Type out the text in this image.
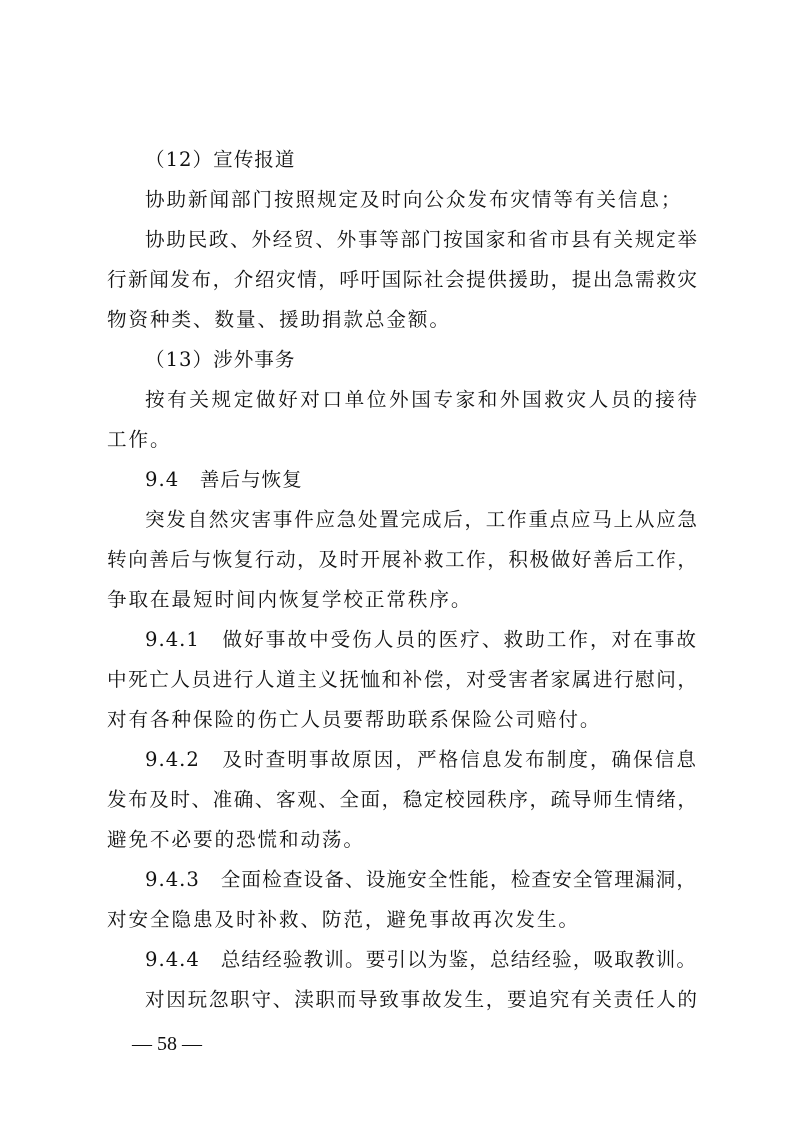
（12）宣传报道
协助新闻部门按照规定及时向公众发布灾情等有关信息；
协助民政、外经贸、外事等部门按国家和省市县有关规定举
行新闻发布，介绍灾情，呼吁国际社会提供援助，提出急需救灾
物资种类、数量、援助捐款总金额。
（13）涉外事务
按有关规定做好对口单位外国专家和外国救灾人员的接待
工作。
9.4　善后与恢复
突发自然灾害事件应急处置完成后，工作重点应马上从应急
转向善后与恢复行动，及时开展补救工作，积极做好善后工作，
争取在最短时间内恢复学校正常秩序。
9.4.1　做好事故中受伤人员的医疗、救助工作，对在事故
中死亡人员进行人道主义抚恤和补偿，对受害者家属进行慰问，
对有各种保险的伤亡人员要帮助联系保险公司赔付。
9.4.2　及时查明事故原因，严格信息发布制度，确保信息
发布及时、准确、客观、全面，稳定校园秩序，疏导师生情绪，
避免不必要的恐慌和动荡。
9.4.3　全面检查设备、设施安全性能，检查安全管理漏洞，
对安全隐患及时补救、防范，避免事故再次发生。
9.4.4　总结经验教训。要引以为鉴，总结经验，吸取教训。
对因玩忽职守、渎职而导致事故发生，要追究有关责任人的
— 58 —
